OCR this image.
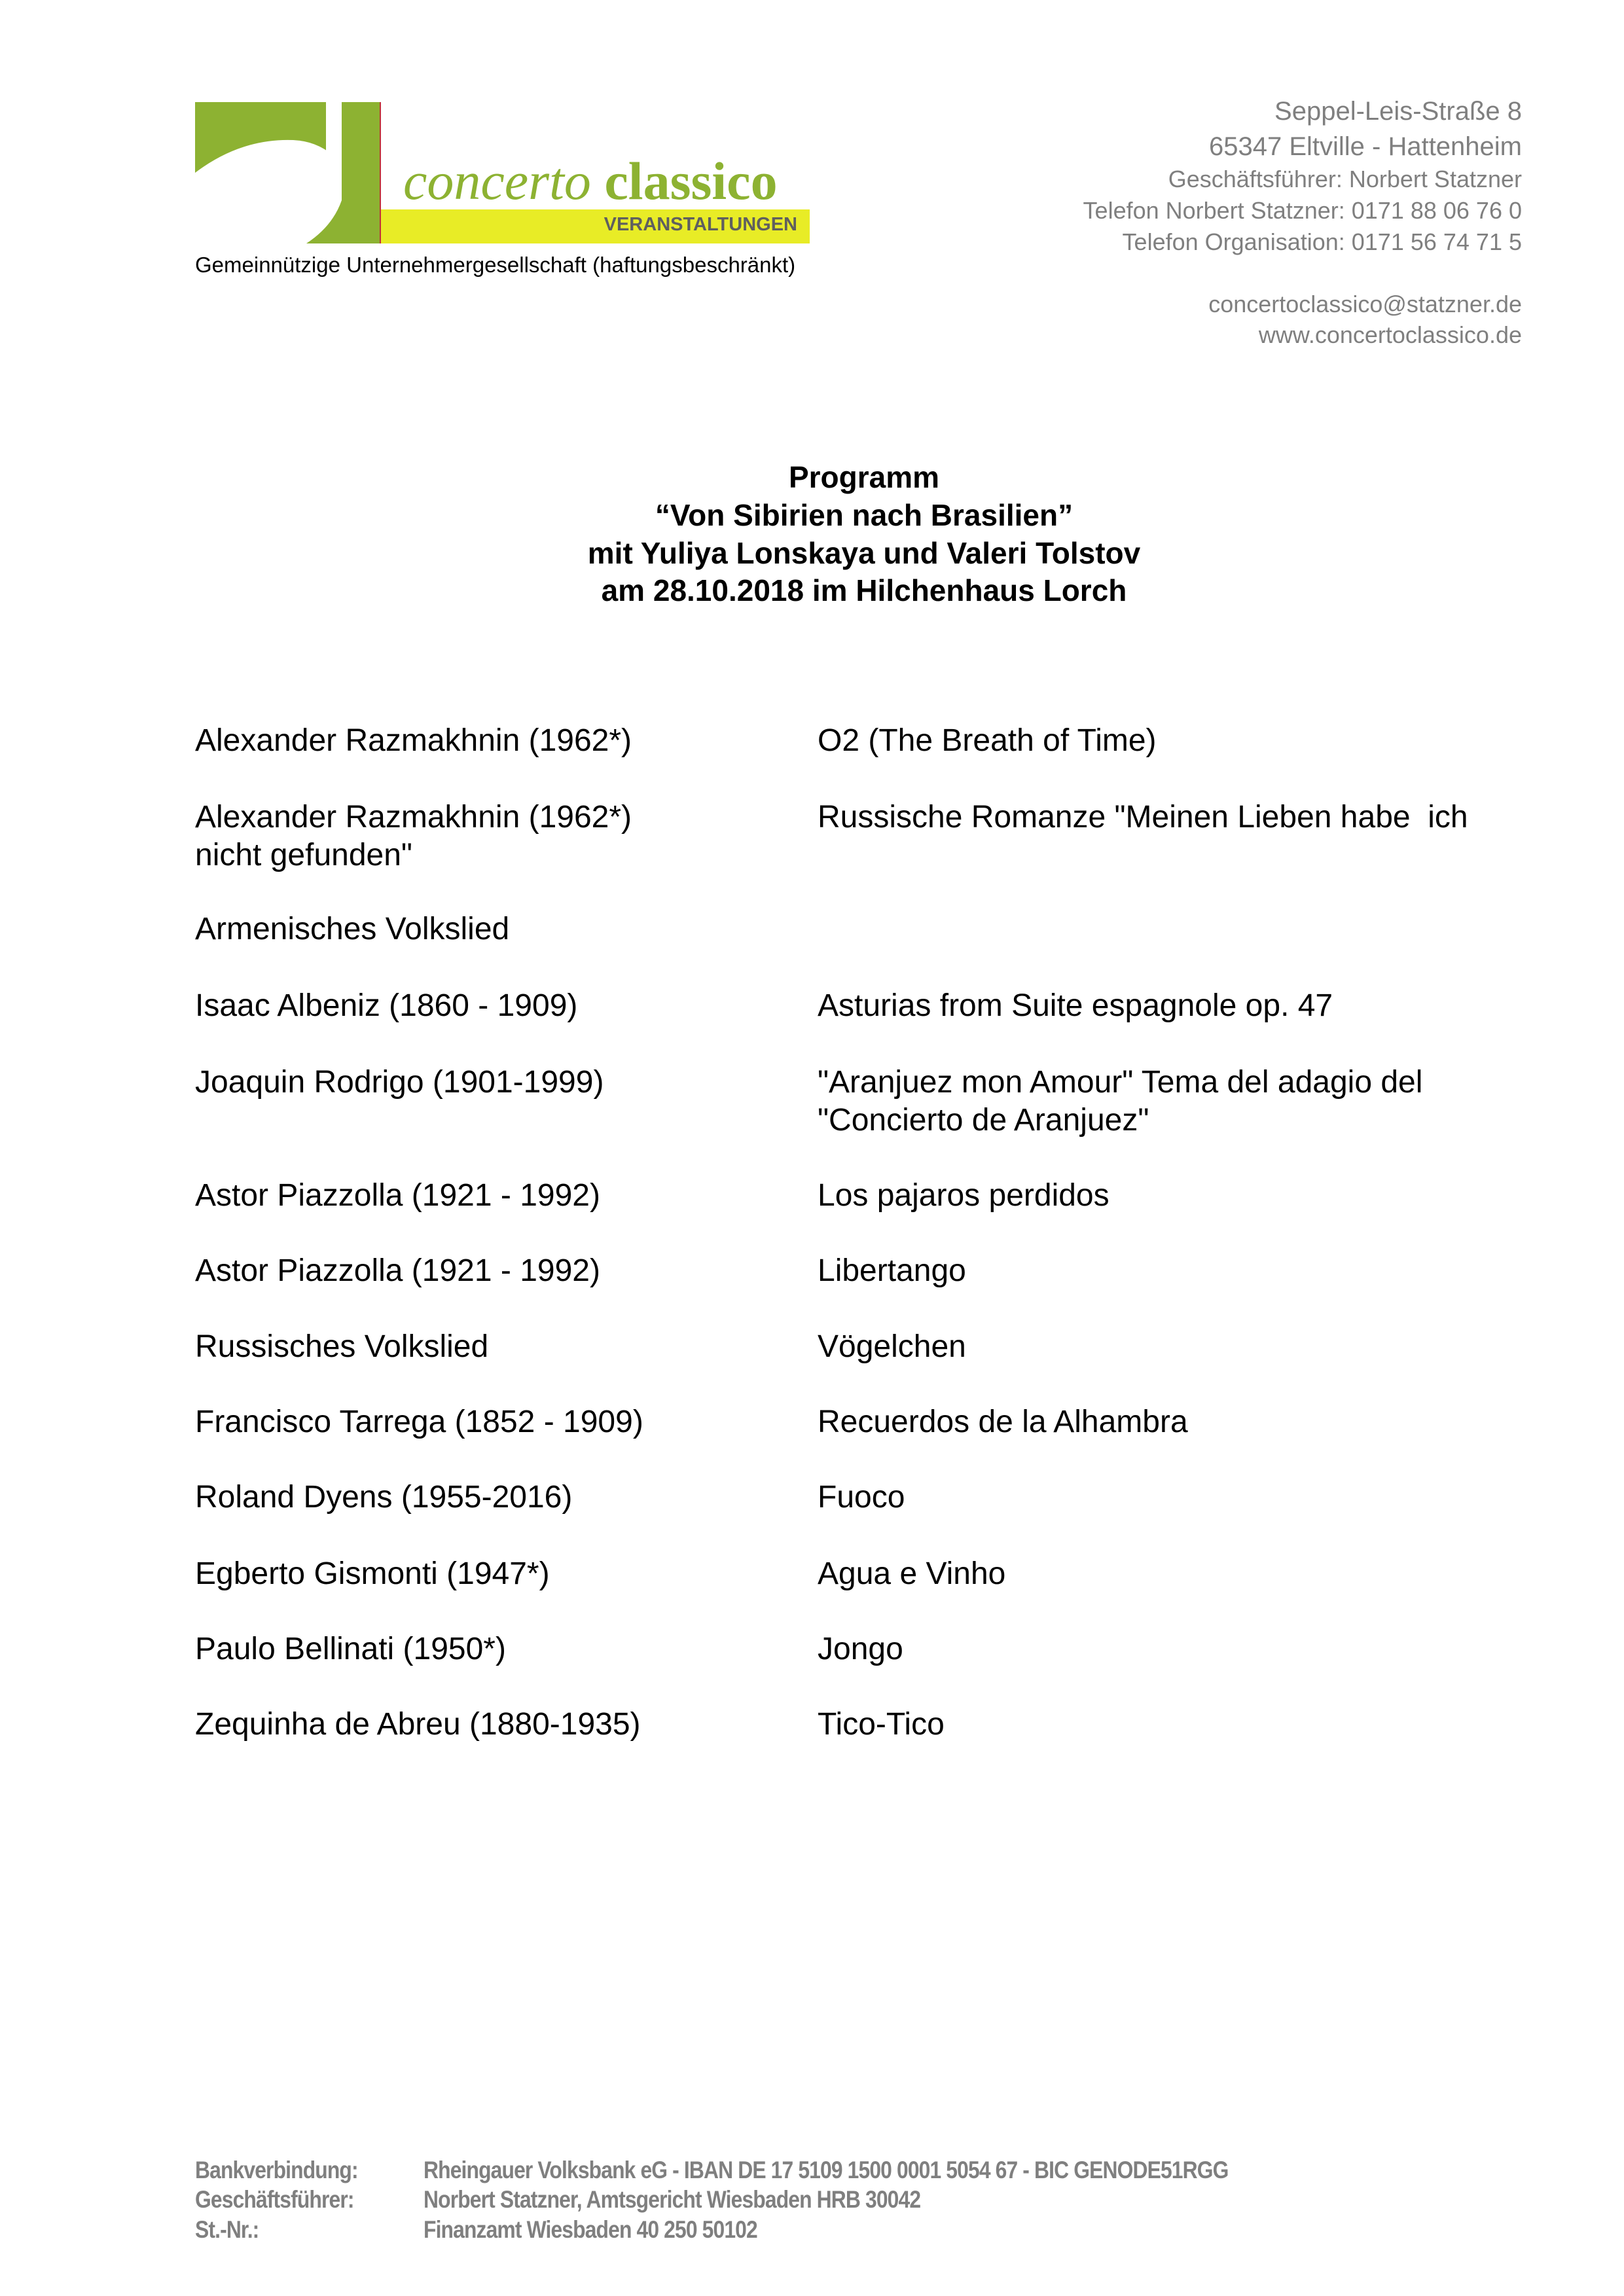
concerto classico
VERANSTALTUNGEN
Gemeinnützige Unternehmergesellschaft (haftungsbeschränkt)
Seppel-Leis-Straße 8
65347 Eltville - Hattenheim
Geschäftsführer: Norbert Statzner
Telefon Norbert Statzner: 0171 88 06 76 0
Telefon Organisation: 0171 56 74 71 5
concertoclassico@statzner.de
www.concertoclassico.de
Programm
“Von Sibirien nach Brasilien”
mit Yuliya Lonskaya und Valeri Tolstov
am 28.10.2018 im Hilchenhaus Lorch
Alexander Razmakhnin (1962*)	O2 (The Breath of Time)
Alexander Razmakhnin (1962*)	Russische Romanze "Meinen Lieben habe  ich
nicht gefunden"
Armenisches Volkslied
Isaac Albeniz (1860 - 1909)	Asturias from Suite espagnole op. 47
Joaquin Rodrigo (1901-1999)	"Aranjuez mon Amour" Tema del adagio del
"Concierto de Aranjuez"
Astor Piazzolla (1921 - 1992)	Los pajaros perdidos
Astor Piazzolla (1921 - 1992)	Libertango
Russisches Volkslied	Vögelchen
Francisco Tarrega (1852 - 1909)	Recuerdos de la Alhambra
Roland Dyens (1955-2016)	Fuoco
Egberto Gismonti (1947*)	Agua e Vinho
Paulo Bellinati (1950*)	Jongo
Zequinha de Abreu (1880-1935)	Tico-Tico
Bankverbindung:	Rheingauer Volksbank eG - IBAN DE 17 5109 1500 0001 5054 67 - BIC GENODE51RGG
Geschäftsführer:	Norbert Statzner, Amtsgericht Wiesbaden HRB 30042
St.-Nr.:	Finanzamt Wiesbaden 40 250 50102
